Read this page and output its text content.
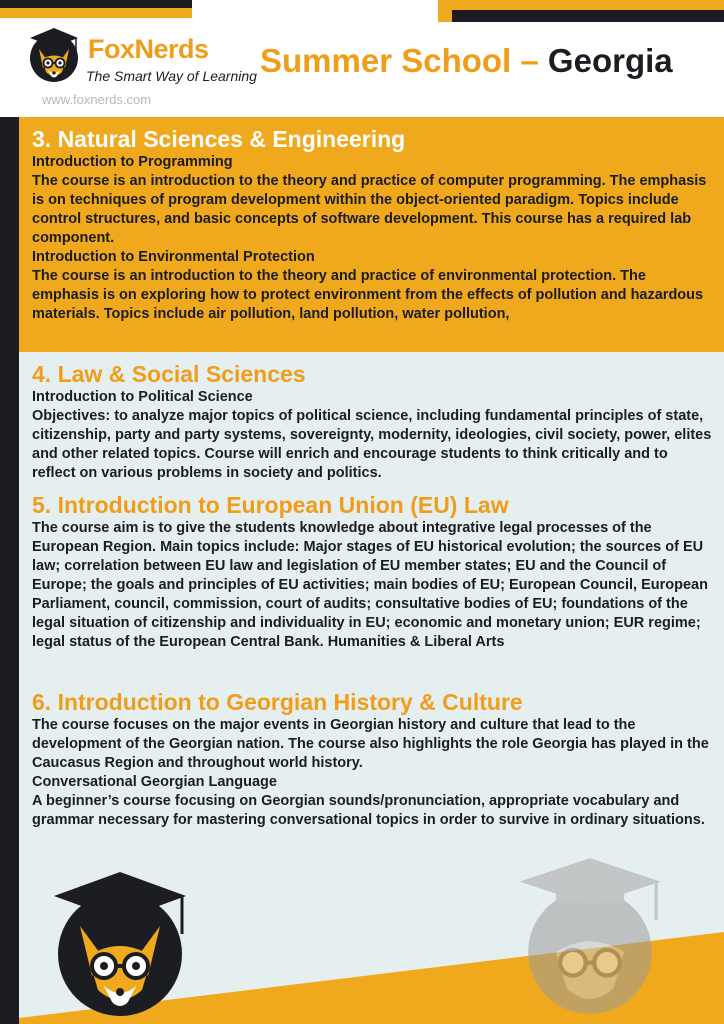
FoxNerds
The Smart Way of Learning
www.foxnerds.com
Summer School – Georgia
3. Natural Sciences & Engineering

Introduction to Programming

The course is an introduction to the theory and practice of computer programming. The emphasis is on techniques of program development within the object-oriented paradigm. Topics include control structures, and basic concepts of software development. This course has a required lab component.

Introduction to Environmental Protection

The course is an introduction to the theory and practice of environmental protection. The emphasis is on exploring how to protect environment from the effects of pollution and hazardous materials. Topics include air pollution, land pollution, water pollution,

4. Law & Social Sciences

Introduction to Political Science

Objectives: to analyze major topics of political science, including fundamental principles of state, citizenship, party and party systems, sovereignty, modernity, ideologies, civil society, power, elites and other related topics. Course will enrich and encourage students to think critically and to reflect on various problems in society and politics.

5. Introduction to European Union (EU) Law

The course aim is to give the students knowledge about integrative legal processes of the European Region. Main topics include: Major stages of EU historical evolution; the sources of EU law; correlation between EU law and legislation of EU member states; EU and the Council of Europe; the goals and principles of EU activities; main bodies of EU; European Council, European Parliament, council, commission, court of audits; consultative bodies of EU; foundations of the legal situation of citizenship and individuality in EU; economic and monetary union; EUR regime; legal status of the European Central Bank. Humanities & Liberal Arts

6. Introduction to Georgian History & Culture

The course focuses on the major events in Georgian history and culture that lead to the development of the Georgian nation. The course also highlights the role Georgia has played in the Caucasus Region and throughout world history.

Conversational Georgian Language

A beginner’s course focusing on Georgian sounds/pronunciation, appropriate vocabulary and grammar necessary for mastering conversational topics in order to survive in ordinary situations.
